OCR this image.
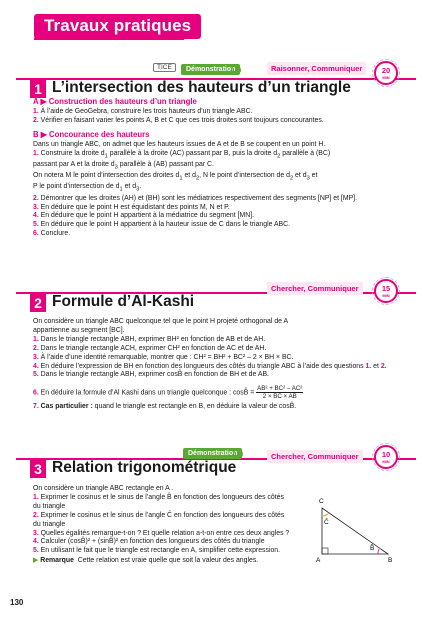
Travaux pratiques
TICE	Démonstration	Raisonner, Communiquer	20
MIN
1 L’intersection des hauteurs d’un triangle

A ▶ Construction des hauteurs d’un triangle

1. À l’aide de GeoGebra, construire les trois hauteurs d’un triangle ABC.

2. Vérifier en faisant varier les points A, B et C que ces trois droites sont toujours concourantes.

B ▶ Concourance des hauteurs

Dans un triangle ABC, on admet que les hauteurs issues de A et de B se coupent en un point H.

1. Construire la droite $d_1$ parallèle à la droite (AC) passant par B, puis la droite $d_2$ parallèle à (BC)

passant par A et la droite $d_3$ parallèle à (AB) passant par C.

On notera M le point d’intersection des droites $d_1$ et $d_2$, N le point d’intersection de $d_2$ et $d_3$ et

P le point d’intersection de $d_1$ et $d_3$.

2. Démontrer que les droites (AH) et (BH) sont les médiatrices respectivement des segments [NP] et [MP].

3. En déduire que le point H est équidistant des points M, N et P.

4. En déduire que le point H appartient à la médiatrice du segment [MN].

5. En déduire que le point H appartient à la hauteur issue de C dans le triangle ABC.

6. Conclure.

Chercher, Communiquer	15
MIN
2 Formule d’Al-Kashi

On considère un triangle ABC quelconque tel que le point H projeté orthogonal de A

appartienne au segment [BC].

1. Dans le triangle rectangle ABH, exprimer BH² en fonction de AB et de AH.

2. Dans le triangle rectangle ACH, exprimer CH² en fonction de AC et de AH.

3. À l’aide d’une identité remarquable, montrer que : CH² = BH² + BC² – 2 × BH × BC.

4. En déduire l’expression de BH en fonction des longueurs des côtés du triangle ABC à l’aide des questions 1. et 2.

5. Dans le triangle rectangle ABH, exprimer cosB̂ en fonction de BH et de AB.

6. En déduire la formule d’Al Kashi dans un triangle quelconque : cosB̂ = $\frac{\text{AB² + BC² – AC²}}{2 \times BC \times AB}$

7. Cas particulier : quand le triangle est rectangle en B, en déduire la valeur de cosB̂.

Démonstration	Chercher, Communiquer	10
MIN
3 Relation trigonométrique

On considère un triangle ABC rectangle en A .

1. Exprimer le cosinus et le sinus de l’angle B̂ en fonction des longueurs des côtés

du triangle

2. Exprimer le cosinus et le sinus de l’angle Ĉ en fonction des longueurs des côtés

du triangle

3. Quelles égalités remarque-t-on ? Et quelle relation a-t-on entre ces deux angles ?

4. Calculer (cosB̂)² + (sinB̂)² en fonction des longueurs des côtés du triangle

5. En utilisant le fait que le triangle est rectangle en A, simplifier cette expression.

▶ Remarque Cette relation est vraie quelle que soit la valeur des angles.

C
A	B
Ĉ
B̂
130
